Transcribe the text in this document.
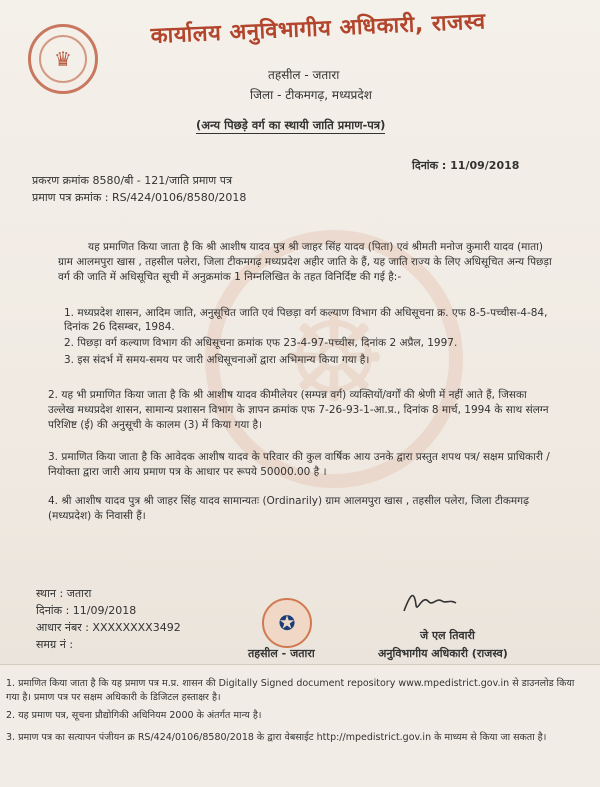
☸
♛
कार्यालय अनुविभागीय अधिकारी, राजस्व
तहसील - जतारा
जिला - टीकमगढ़, मध्यप्रदेश
(अन्य पिछड़े वर्ग का स्थायी जाति प्रमाण-पत्र)
दिनांक : 11/09/2018
प्रकरण क्रमांक 8580/बी - 121/जाति प्रमाण पत्र
प्रमाण पत्र क्रमांक : RS/424/0106/8580/2018
यह प्रमाणित किया जाता है कि श्री आशीष यादव पुत्र श्री जाहर सिंह यादव (पिता) एवं श्रीमती मनोज कुमारी यादव (माता) ग्राम आलमपुरा खास , तहसील पलेरा, जिला टीकमगढ़ मध्यप्रदेश अहीर जाति के हैं, यह जाति राज्य के लिए अधिसूचित अन्य पिछड़ा वर्ग की जाति में अधिसूचित सूची में अनुक्रमांक 1 निम्नलिखित के तहत विनिर्दिष्ट की गई है:-
1. मध्यप्रदेश शासन, आदिम जाति, अनुसूचित जाति एवं पिछड़ा वर्ग कल्याण विभाग की अधिसूचना क्र. एफ 8-5-पच्चीस-4-84, दिनांक 26 दिसम्बर, 1984.
2. पिछड़ा वर्ग कल्याण विभाग की अधिसूचना क्रमांक एफ 23-4-97-पच्चीस, दिनांक 2 अप्रैल, 1997.
3. इस संदर्भ में समय-समय पर जारी अधिसूचनाओं द्वारा अभिमान्य किया गया है।
2. यह भी प्रमाणित किया जाता है कि श्री आशीष यादव कीमीलेयर (सम्पन्न वर्ग) व्यक्तियों/वर्गों की श्रेणी में नहीं आते हैं, जिसका उल्लेख मध्यप्रदेश शासन, सामान्य प्रशासन विभाग के ज्ञापन क्रमांक एफ 7-26-93-1-आ.प्र., दिनांक 8 मार्च, 1994 के साथ संलग्न परिशिष्ट (ई) की अनुसूची के कालम (3) में किया गया है।
3. प्रमाणित किया जाता है कि आवेदक आशीष यादव के परिवार की कुल वार्षिक आय उनके द्वारा प्रस्तुत शपथ पत्र/ सक्षम प्राधिकारी / नियोक्ता द्वारा जारी आय प्रमाण पत्र के आधार पर रूपये 50000.00 है ।
4. श्री आशीष यादव पुत्र श्री जाहर सिंह यादव सामान्यतः (Ordinarily) ग्राम आलमपुरा खास , तहसील पलेरा, जिला टीकमगढ़ (मध्यप्रदेश) के निवासी हैं।
स्थान : जतारा
दिनांक : 11/09/2018
आधार नंबर : XXXXXXXX3492
समग्र नं :
✪
तहसील - जतारा
जे एल तिवारी
अनुविभागीय अधिकारी (राजस्व)
1. प्रमाणित किया जाता है कि यह प्रमाण पत्र म.प्र. शासन की Digitally Signed document repository www.mpedistrict.gov.in से डाउनलोड किया
गया है। प्रमाण पत्र पर सक्षम अधिकारी के डिजिटल हस्ताक्षर है।
2. यह प्रमाण पत्र, सूचना प्रौद्योगिकी अधिनियम 2000 के अंतर्गत मान्य है।
3. प्रमाण पत्र का सत्यापन पंजीयन क्र RS/424/0106/8580/2018 के द्वारा वेबसाईट http://mpedistrict.gov.in के माध्यम से किया जा सकता है।
